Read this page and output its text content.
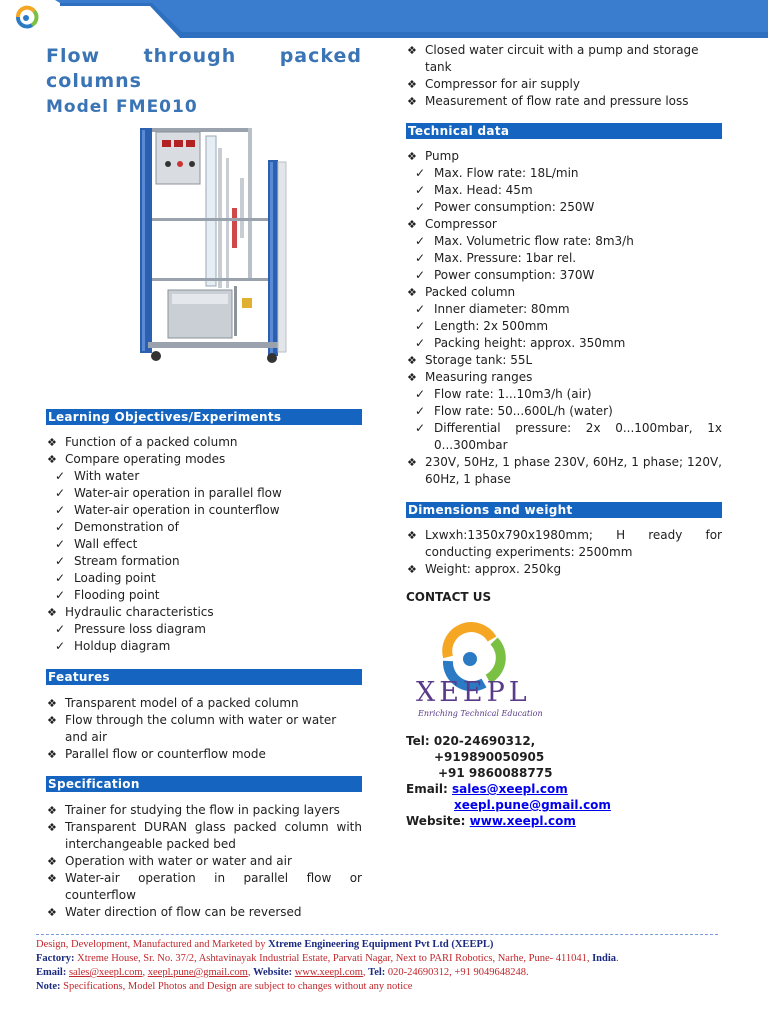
Flow through packed
columns
Model FME010
Learning Objectives/Experiments
❖ Function of a packed column
❖ Compare operating modes
✓ With water
✓ Water-air operation in parallel flow
✓ Water-air operation in counterflow
✓ Demonstration of
✓ Wall effect
✓ Stream formation
✓ Loading point
✓ Flooding point
❖ Hydraulic characteristics
✓ Pressure loss diagram
✓ Holdup diagram
Features
❖ Transparent model of a packed column
❖ Flow through the column with water or water and air
❖ Parallel flow or counterflow mode
Specification
❖ Trainer for studying the flow in packing layers
❖ Transparent DURAN glass packed column with interchangeable packed bed
❖ Operation with water or water and air
❖ Water-air operation in parallel flow or counterflow
❖ Water direction of flow can be reversed
❖ Closed water circuit with a pump and storage tank
❖ Compressor for air supply
❖ Measurement of flow rate and pressure loss
Technical data
❖ Pump
✓ Max. Flow rate: 18L/min
✓ Max. Head: 45m
✓ Power consumption: 250W
❖ Compressor
✓ Max. Volumetric flow rate: 8m3/h
✓ Max. Pressure: 1bar rel.
✓ Power consumption: 370W
❖ Packed column
✓ Inner diameter: 80mm
✓ Length: 2x 500mm
✓ Packing height: approx. 350mm
❖ Storage tank: 55L
❖ Measuring ranges
✓ Flow rate: 1...10m3/h (air)
✓ Flow rate: 50...600L/h (water)
✓ Differential pressure: 2x 0...100mbar, 1x 0...300mbar
❖ 230V, 50Hz, 1 phase 230V, 60Hz, 1 phase; 120V, 60Hz, 1 phase
Dimensions and weight
❖ Lxwxh:1350x790x1980mm; H ready for conducting experiments: 2500mm
❖ Weight: approx. 250kg
CONTACT US
XEEPL
Enriching Technical Education
Tel: 020-24690312,
+919890050905
+91 9860088775
Email: sales@xeepl.com
xeepl.pune@gmail.com
Website: www.xeepl.com
Design, Development, Manufactured and Marketed by Xtreme Engineering Equipment Pvt Ltd (XEEPL)
Factory: Xtreme House, Sr. No. 37/2, Ashtavinayak Industrial Estate, Parvati Nagar, Next to PARI Robotics, Narhe, Pune- 411041, India.
Email: sales@xeepl.com, xeepl.pune@gmail.com, Website: www.xeepl.com, Tel: 020-24690312, +91 9049648248.
Note: Specifications, Model Photos and Design are subject to changes without any notice
